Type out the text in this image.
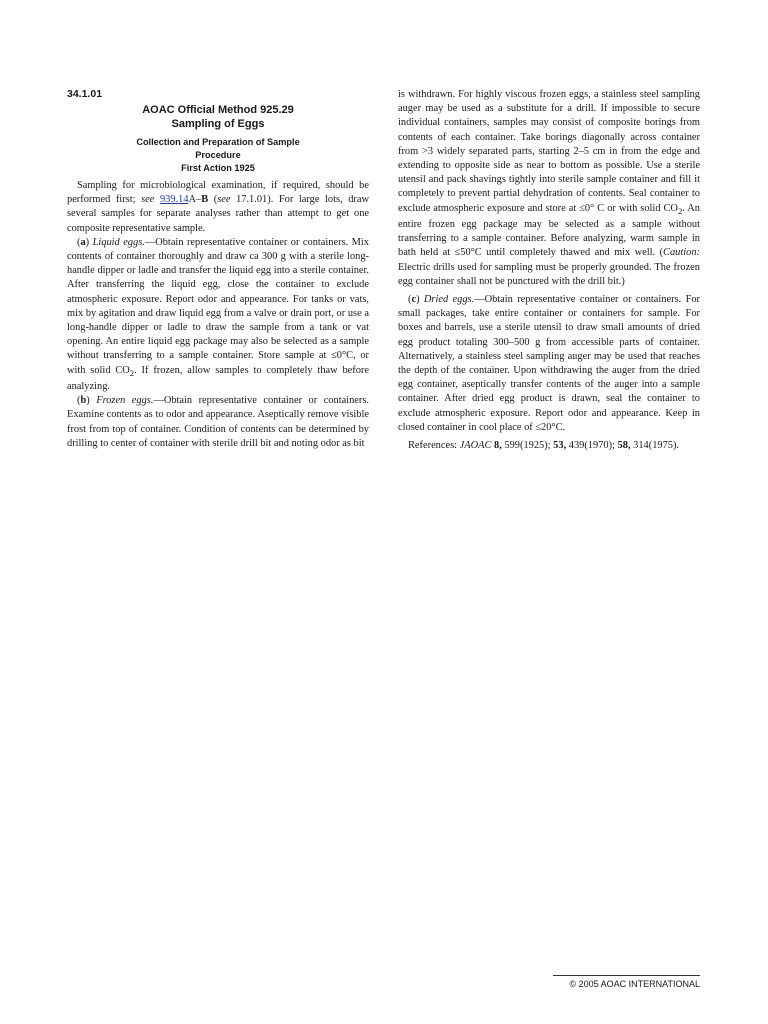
34.1.01
AOAC Official Method 925.29
Sampling of Eggs
Collection and Preparation of Sample
Procedure
First Action 1925

Sampling for microbiological examination, if required, should be performed first; see 939.14A–B (see 17.1.01). For large lots, draw several samples for separate analyses rather than attempt to get one composite representative sample.

(a) Liquid eggs.—Obtain representative container or containers. Mix contents of container thoroughly and draw ca 300 g with a sterile long-handle dipper or ladle and transfer the liquid egg into a sterile container. After transferring the liquid egg, close the container to exclude atmospheric exposure. Report odor and appearance. For tanks or vats, mix by agitation and draw liquid egg from a valve or drain port, or use a long-handle dipper or ladle to draw the sample from a tank or vat opening. An entire liquid egg package may also be selected as a sample without transferring to a sample container. Store sample at ≤0°C, or with solid $CO_2$. If frozen, allow samples to completely thaw before analyzing.

(b) Frozen eggs.—Obtain representative container or containers. Examine contents as to odor and appearance. Aseptically remove visible frost from top of container. Condition of contents can be determined by drilling to center of container with sterile drill bit and noting odor as bit

is withdrawn. For highly viscous frozen eggs, a stainless steel sampling auger may be used as a substitute for a drill. If impossible to secure individual containers, samples may consist of composite borings from contents of each container. Take borings diagonally across container from >3 widely separated parts, starting 2–5 cm in from the edge and extending to opposite side as near to bottom as possible. Use a sterile utensil and pack shavings tightly into sterile sample container and fill it completely to prevent partial dehydration of contents. Seal container to exclude atmospheric exposure and store at ≤0° C or with solid $CO_2$. An entire frozen egg package may be selected as a sample without transferring to a sample container. Before analyzing, warm sample in bath held at ≤50°C until completely thawed and mix well. (Caution: Electric drills used for sampling must be properly grounded. The frozen egg container shall not be punctured with the drill bit.)

(c) Dried eggs.—Obtain representative container or containers. For small packages, take entire container or containers for sample. For boxes and barrels, use a sterile utensil to draw small amounts of dried egg product totaling 300–500 g from accessible parts of container. Alternatively, a stainless steel sampling auger may be used that reaches the depth of the container. Upon withdrawing the auger from the dried egg container, aseptically transfer contents of the auger into a sample container. After dried egg product is drawn, seal the container to exclude atmospheric exposure. Report odor and appearance. Keep in closed container in cool place of ≤20°C.

References: JAOAC 8, 599(1925); 53, 439(1970); 58, 314(1975).

© 2005 AOAC INTERNATIONAL
